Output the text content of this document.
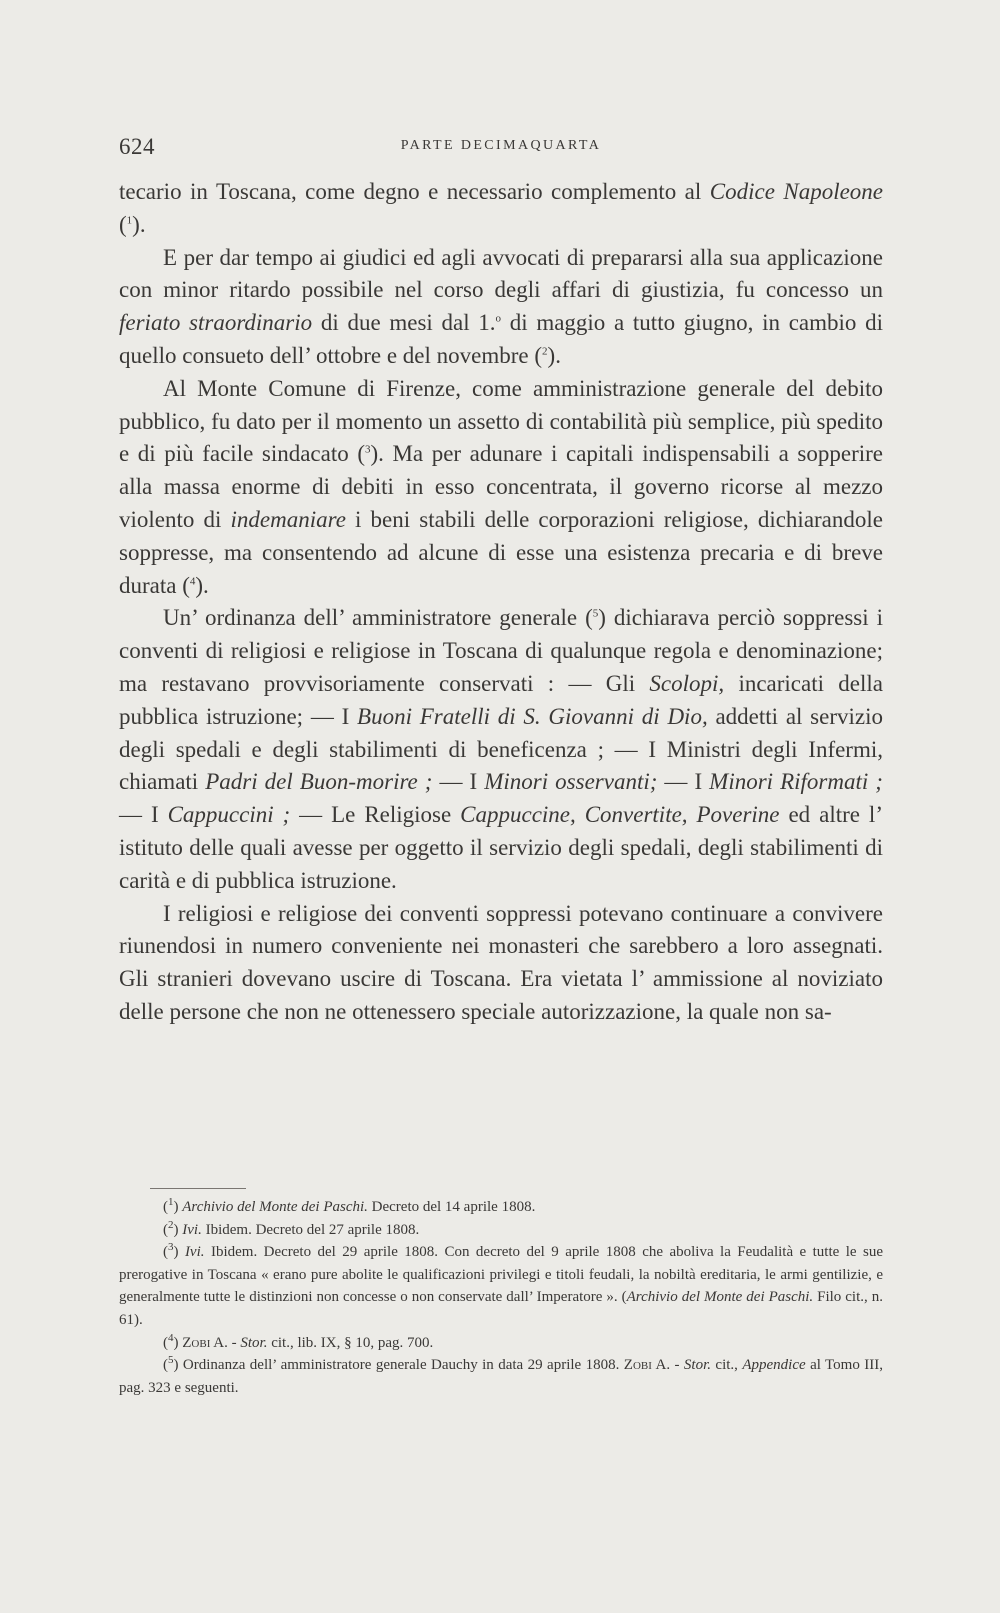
624	PARTE DECIMAQUARTA

tecario in Toscana, come degno e necessario complemento al Codice Napoleone ($^1$).

E per dar tempo ai giudici ed agli avvocati di prepararsi alla sua applicazione con minor ritardo possibile nel corso degli affari di giustizia, fu concesso un feriato straordinario di due mesi dal 1.$^o$ di maggio a tutto giugno, in cambio di quello consueto dell’ ottobre e del novembre ($^2$).

Al Monte Comune di Firenze, come amministrazione generale del debito pubblico, fu dato per il momento un assetto di contabilità più semplice, più spedito e di più facile sindacato ($^3$). Ma per adunare i capitali indispensabili a sopperire alla massa enorme di debiti in esso concentrata, il governo ricorse al mezzo violento di indemaniare i beni stabili delle corporazioni religiose, dichiarandole soppresse, ma consentendo ad alcune di esse una esistenza precaria e di breve durata ($^4$).

Un’ ordinanza dell’ amministratore generale ($^5$) dichiarava perciò soppressi i conventi di religiosi e religiose in Toscana di qualunque regola e denominazione; ma restavano provvisoriamente conservati : — Gli Scolopi, incaricati della pubblica istruzione; — I Buoni Fratelli di S. Giovanni di Dio, addetti al servizio degli spedali e degli stabilimenti di beneficenza ; — I Ministri degli Infermi, chiamati Padri del Buon-morire ; — I Minori osservanti; — I Minori Riformati ; — I Cappuccini ; — Le Religiose Cappuccine, Convertite, Poverine ed altre l’ istituto delle quali avesse per oggetto il servizio degli spedali, degli stabilimenti di carità e di pubblica istruzione.

I religiosi e religiose dei conventi soppressi potevano continuare a convivere riunendosi in numero conveniente nei monasteri che sarebbero a loro assegnati. Gli stranieri dovevano uscire di Toscana. Era vietata l’ ammissione al noviziato delle persone che non ne ottenessero speciale autorizzazione, la quale non sa-

($^1$) Archivio del Monte dei Paschi. Decreto del 14 aprile 1808.
($^2$) Ivi. Ibidem. Decreto del 27 aprile 1808.
($^3$) Ivi. Ibidem. Decreto del 29 aprile 1808. Con decreto del 9 aprile 1808 che aboliva la Feudalità e tutte le sue prerogative in Toscana « erano pure abolite le qualificazioni privilegi e titoli feudali, la nobiltà ereditaria, le armi gentilizie, e generalmente tutte le distinzioni non concesse o non conservate dall’ Imperatore ». (Archivio del Monte dei Paschi. Filo cit., n. 61).
($^4$) Zobi A. - Stor. cit., lib. IX, § 10, pag. 700.
($^5$) Ordinanza dell’ amministratore generale Dauchy in data 29 aprile 1808. Zobi A. - Stor. cit., Appendice al Tomo III, pag. 323 e seguenti.
